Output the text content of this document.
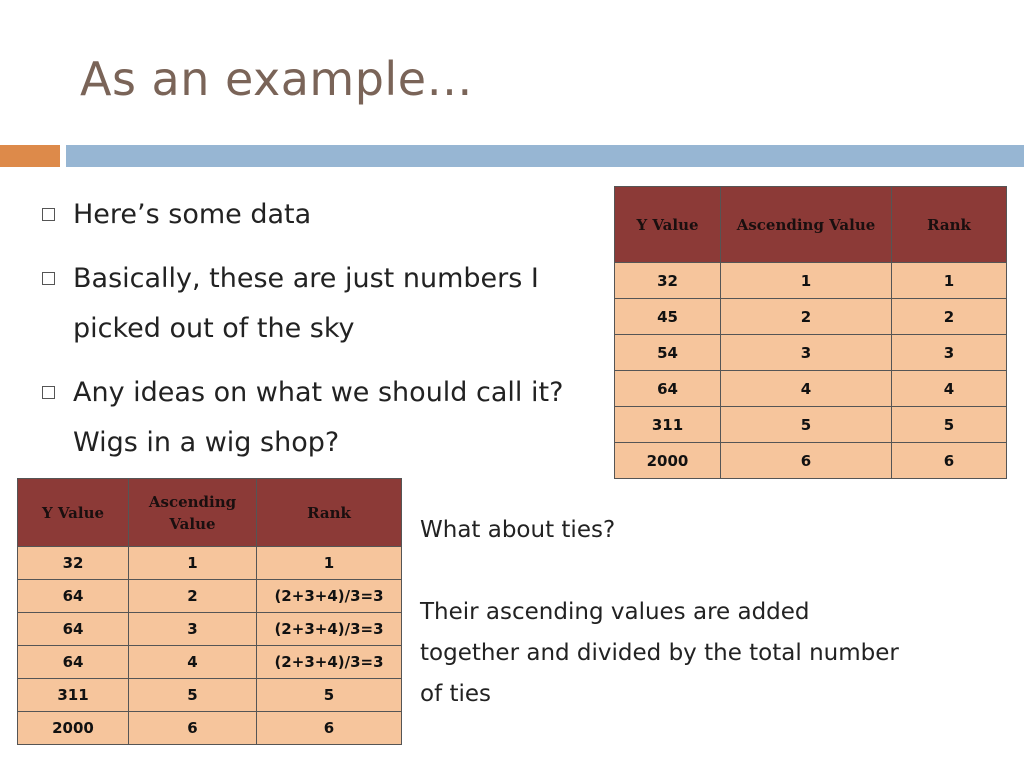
As an example…
Here’s some data
Basically, these are just numbers I picked out of the sky
Any ideas on what we should call it? Wigs in a wig shop?
Y Value	Ascending Value	Rank
32	1	1
45	2	2
54	3	3
64	4	4
311	5	5
2000	6	6
Y Value	Ascending Value	Rank
32	1	1
64	2	(2+3+4)/3=3
64	3	(2+3+4)/3=3
64	4	(2+3+4)/3=3
311	5	5
2000	6	6

What about ties?

Their ascending values are added together and divided by the total number of ties
